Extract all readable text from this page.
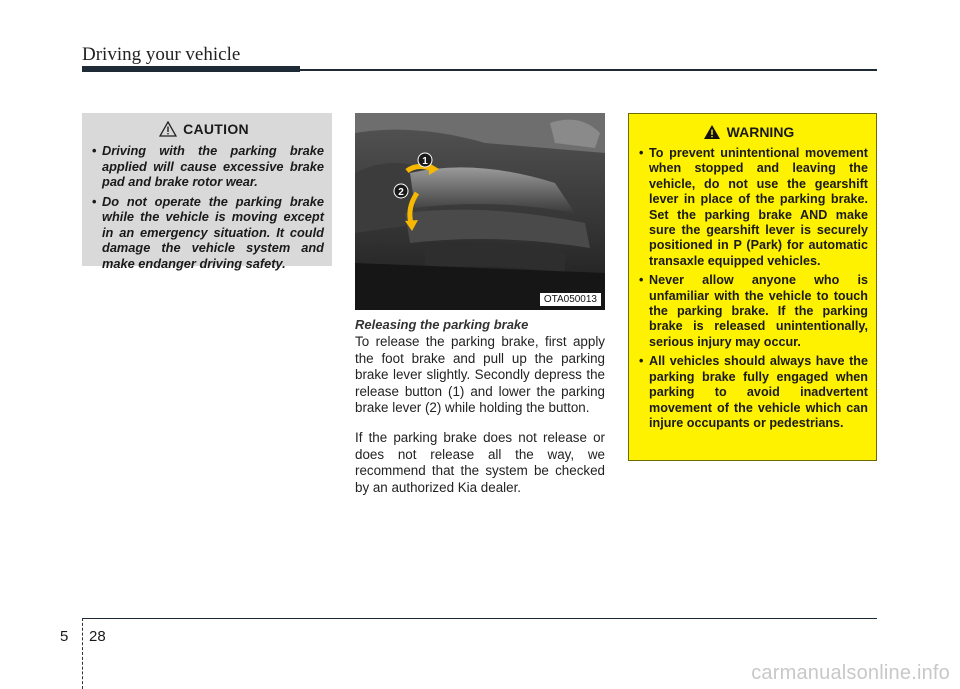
Driving your vehicle
CAUTION
• Driving with the parking brake applied will cause excessive brake pad and brake rotor wear.
• Do not operate the parking brake while the vehicle is moving except in an emergency situation. It could damage the vehicle system and make endanger driving safety.
1
2
OTA050013
Releasing the parking brake
To release the parking brake, first apply the foot brake and pull up the parking brake lever slightly. Secondly depress the release button (1) and lower the parking brake lever (2) while holding the button.
If the parking brake does not release or does not release all the way, we recommend that the system be checked by an authorized Kia dealer.
WARNING
• To prevent unintentional movement when stopped and leaving the vehicle, do not use the gearshift lever in place of the parking brake. Set the parking brake AND make sure the gearshift lever is securely positioned in P (Park) for automatic transaxle equipped vehicles.
• Never allow anyone who is unfamiliar with the vehicle to touch the parking brake. If the parking brake is released unintentionally, serious injury may occur.
• All vehicles should always have the parking brake fully engaged when parking to avoid inadvertent movement of the vehicle which can injure occupants or pedestrians.
5 28
carmanualsonline.info
